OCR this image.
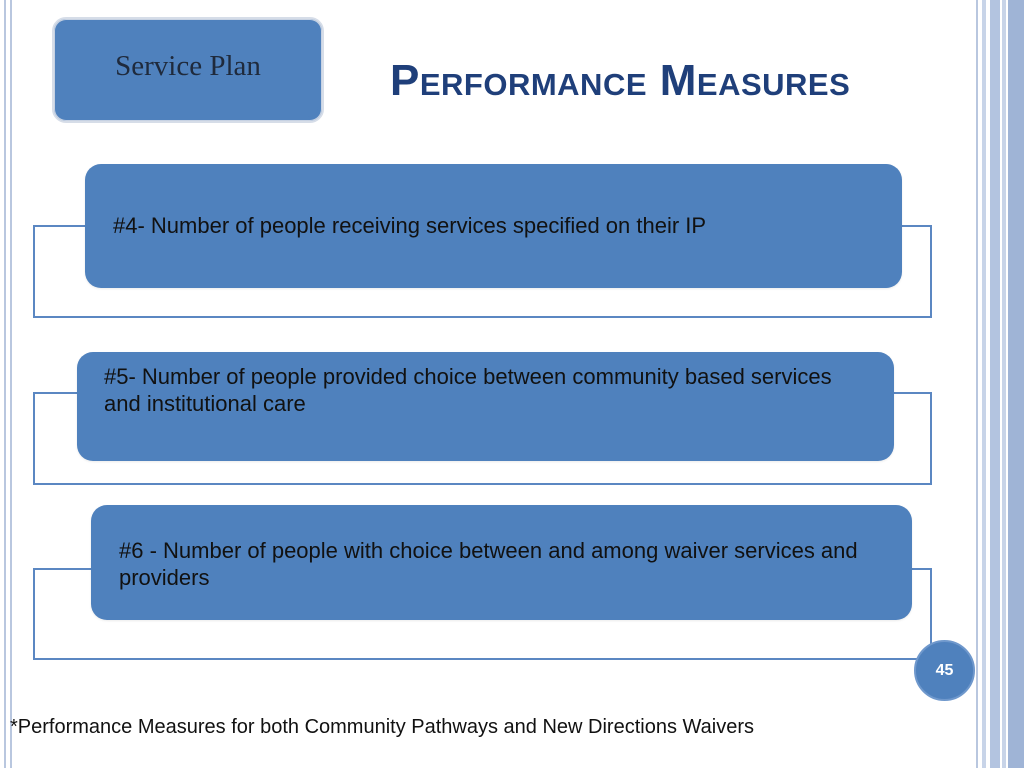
Service Plan	Performance Measures
#4- Number of people receiving services specified on their IP
#5- Number of people provided choice between community based services and institutional care
#6 - Number of people with choice between and among waiver services and providers
45
*Performance Measures for both Community Pathways and New Directions Waivers
